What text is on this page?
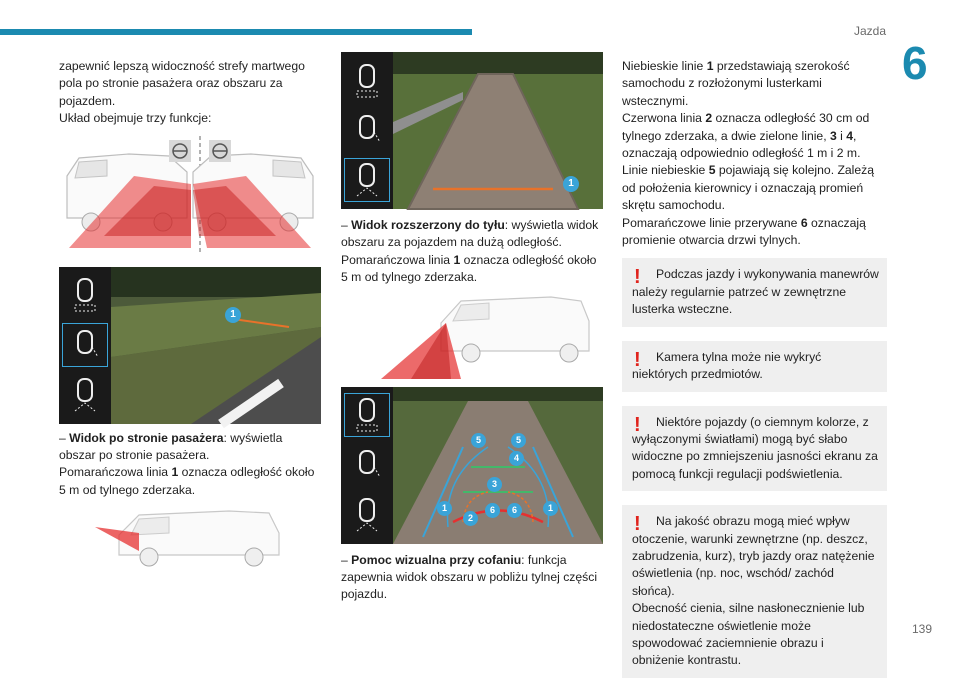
Jazda
6
139

zapewnić lepszą widoczność strefy martwego pola po stronie pasażera oraz obszaru za pojazdem.

Układ obejmuje trzy funkcje:

1

– Widok po stronie pasażera: wyświetla obszar po stronie pasażera.

Pomarańczowa linia 1 oznacza odległość około 5 m od tylnego zderzaka.

1

– Widok rozszerzony do tyłu: wyświetla widok obszaru za pojazdem na dużą odległość.

Pomarańczowa linia 1 oznacza odległość około 5 m od tylnego zderzaka.

5	5
4
3
1	1
2
6	6

– Pomoc wizualna przy cofaniu: funkcja zapewnia widok obszaru w pobliżu tylnej części pojazdu.

Niebieskie linie 1 przedstawiają szerokość samochodu z rozłożonymi lusterkami wstecznymi.

Czerwona linia 2 oznacza odległość 30 cm od tylnego zderzaka, a dwie zielone linie, 3 i 4, oznaczają odpowiednio odległość 1 m i 2 m.

Linie niebieskie 5 pojawiają się kolejno. Zależą od położenia kierownicy i oznaczają promień skrętu samochodu.

Pomarańczowe linie przerywane 6 oznaczają promienie otwarcia drzwi tylnych.

!	Podczas jazdy i wykonywania manewrów należy regularnie patrzeć w zewnętrzne lusterka wsteczne.

!	Kamera tylna może nie wykryć niektórych przedmiotów.

!	Niektóre pojazdy (o ciemnym kolorze, z wyłączonymi światłami) mogą być słabo widoczne po zmniejszeniu jasności ekranu za pomocą funkcji regulacji podświetlenia.

!	Na jakość obrazu mogą mieć wpływ otoczenie, warunki zewnętrzne (np. deszcz, zabrudzenia, kurz), tryb jazdy oraz natężenie oświetlenia (np. noc, wschód/ zachód słońca).

Obecność cienia, silne nasłonecznienie lub niedostateczne oświetlenie może spowodować zaciemnienie obrazu i obniżenie kontrastu.
